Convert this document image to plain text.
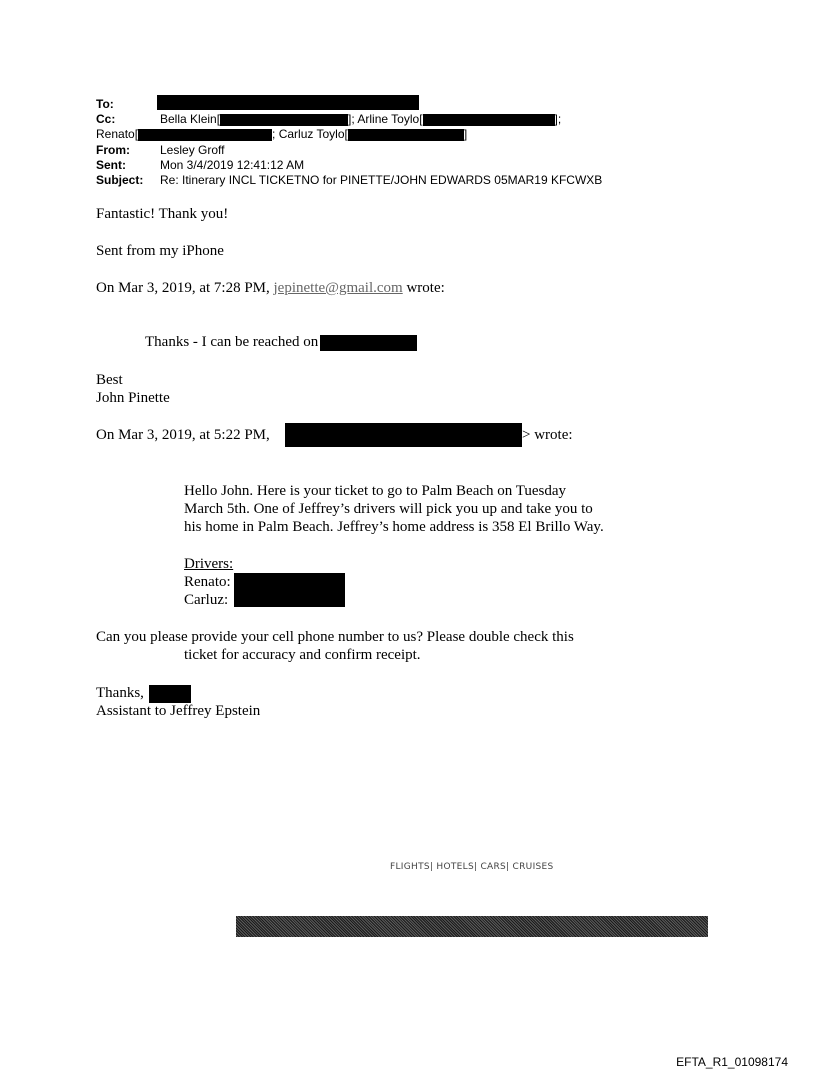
To:
Cc:	Bella Klein[	]; Arline Toylo[	];
Renato[	; Carluz Toylo[	]
From:	Lesley Groff
Sent:	Mon 3/4/2019 12:41:12 AM
Subject: Re: Itinerary INCL TICKETNO for PINETTE/JOHN EDWARDS 05MAR19 KFCWXB
Fantastic! Thank you!
Sent from my iPhone
On Mar 3, 2019, at 7:28 PM, jepinette@gmail.com wrote:
Thanks - I can be reached on
Best
John Pinette
On Mar 3, 2019, at 5:22 PM,	> wrote:
Hello John. Here is your ticket to go to Palm Beach on Tuesday
March 5th. One of Jeffrey’s drivers will pick you up and take you to
his home in Palm Beach. Jeffrey’s home address is 358 El Brillo Way.
Drivers:
Renato:
Carluz:
Can you please provide your cell phone number to us? Please double check this
ticket for accuracy and confirm receipt.
Thanks,
Assistant to Jeffrey Epstein
FLIGHTS| HOTELS| CARS| CRUISES
EFTA_R1_01098174
